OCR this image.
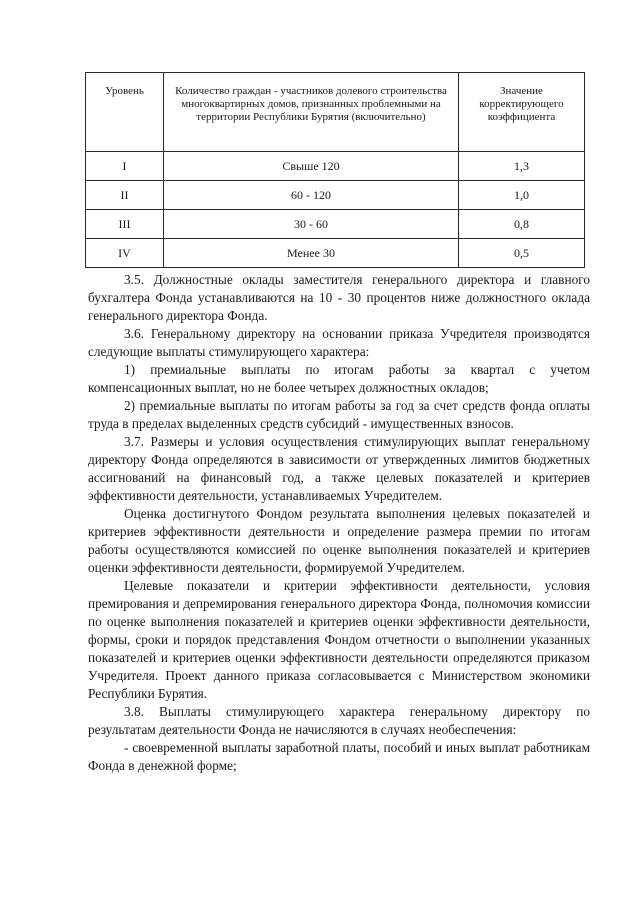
Уровень	Количество граждан - участников долевого строительства многоквартирных домов, признанных проблемными на территории Республики Бурятия (включительно)	Значение корректирующего коэффициента
I	Свыше 120	1,3
II	60 - 120	1,0
III	30 - 60	0,8
IV	Менее 30	0,5

3.5. Должностные оклады заместителя генерального директора и главного бухгалтера Фонда устанавливаются на 10 - 30 процентов ниже должностного оклада генерального директора Фонда.

3.6. Генеральному директору на основании приказа Учредителя производятся следующие выплаты стимулирующего характера:

1) премиальные выплаты по итогам работы за квартал с учетом компенсационных выплат, но не более четырех должностных окладов;

2) премиальные выплаты по итогам работы за год за счет средств фонда оплаты труда в пределах выделенных средств субсидий - имущественных взносов.

3.7. Размеры и условия осуществления стимулирующих выплат генеральному директору Фонда определяются в зависимости от утвержденных лимитов бюджетных ассигнований на финансовый год, а также целевых показателей и критериев эффективности деятельности, устанавливаемых Учредителем.

Оценка достигнутого Фондом результата выполнения целевых показателей и критериев эффективности деятельности и определение размера премии по итогам работы осуществляются комиссией по оценке выполнения показателей и критериев оценки эффективности деятельности, формируемой Учредителем.

Целевые показатели и критерии эффективности деятельности, условия премирования и депремирования генерального директора Фонда, полномочия комиссии по оценке выполнения показателей и критериев оценки эффективности деятельности, формы, сроки и порядок представления Фондом отчетности о выполнении указанных показателей и критериев оценки эффективности деятельности определяются приказом Учредителя. Проект данного приказа согласовывается с Министерством экономики Республики Бурятия.

3.8. Выплаты стимулирующего характера генеральному директору по результатам деятельности Фонда не начисляются в случаях необеспечения:

- своевременной выплаты заработной платы, пособий и иных выплат работникам Фонда в денежной форме;
